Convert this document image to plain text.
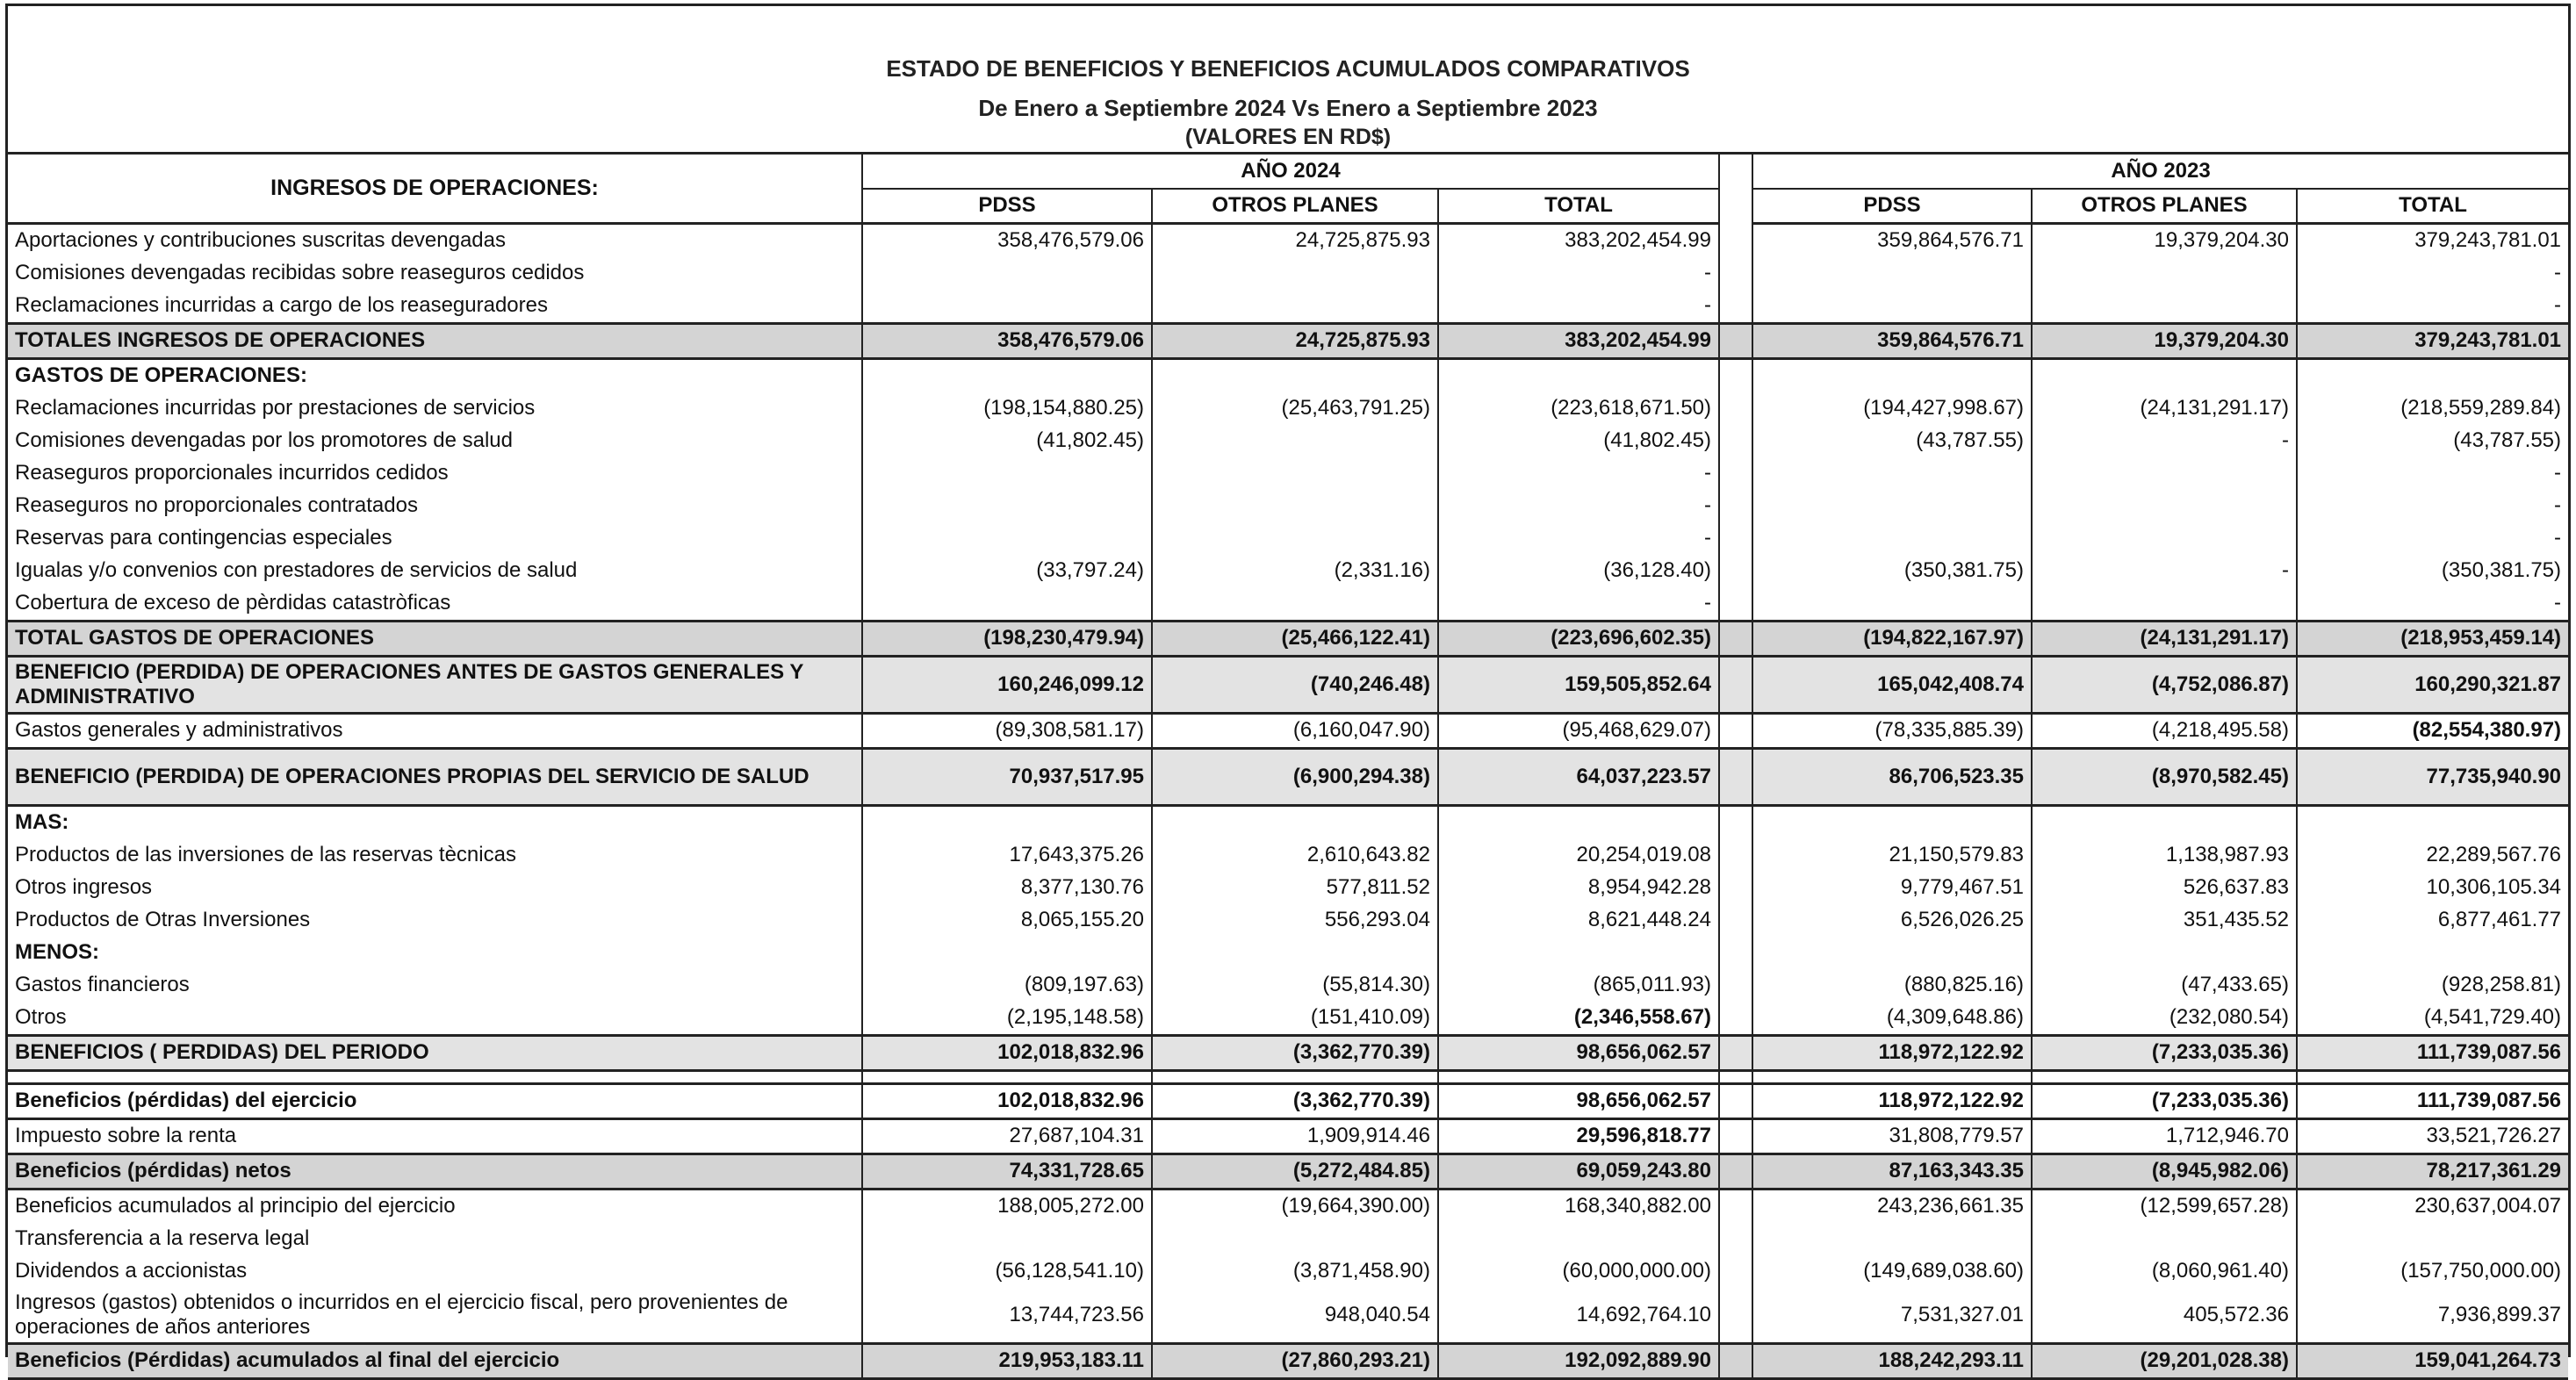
ESTADO DE BENEFICIOS Y BENEFICIOS ACUMULADOS COMPARATIVOS
De Enero a Septiembre 2024 Vs Enero a Septiembre 2023
(VALORES EN RD$)
INGRESOS DE OPERACIONES:	AÑO 2024				AÑO 2023		
	PDSS	OTROS PLANES	TOTAL		PDSS	OTROS PLANES	TOTAL
Aportaciones y contribuciones suscritas devengadas	358,476,579.06	24,725,875.93	383,202,454.99		359,864,576.71	19,379,204.30	379,243,781.01
Comisiones devengadas recibidas sobre reaseguros cedidos			-				-
Reclamaciones incurridas a cargo de los reaseguradores			-				-
TOTALES INGRESOS DE OPERACIONES	358,476,579.06	24,725,875.93	383,202,454.99		359,864,576.71	19,379,204.30	379,243,781.01
GASTOS DE OPERACIONES:							
Reclamaciones incurridas por prestaciones de servicios	(198,154,880.25)	(25,463,791.25)	(223,618,671.50)		(194,427,998.67)	(24,131,291.17)	(218,559,289.84)
Comisiones devengadas por los promotores de salud	(41,802.45)		(41,802.45)		(43,787.55)	-	(43,787.55)
Reaseguros proporcionales incurridos cedidos			-				-
Reaseguros no proporcionales contratados			-				-
Reservas para contingencias especiales			-				-
Igualas y/o convenios con prestadores de servicios de salud	(33,797.24)	(2,331.16)	(36,128.40)		(350,381.75)	-	(350,381.75)
Cobertura de exceso de pèrdidas catastròficas			-				-
TOTAL GASTOS DE OPERACIONES	(198,230,479.94)	(25,466,122.41)	(223,696,602.35)		(194,822,167.97)	(24,131,291.17)	(218,953,459.14)
BENEFICIO (PERDIDA) DE OPERACIONES ANTES DE GASTOS GENERALES Y ADMINISTRATIVO	160,246,099.12	(740,246.48)	159,505,852.64		165,042,408.74	(4,752,086.87)	160,290,321.87
Gastos generales y administrativos	(89,308,581.17)	(6,160,047.90)	(95,468,629.07)		(78,335,885.39)	(4,218,495.58)	(82,554,380.97)
BENEFICIO (PERDIDA) DE OPERACIONES PROPIAS DEL SERVICIO DE SALUD	70,937,517.95	(6,900,294.38)	64,037,223.57		86,706,523.35	(8,970,582.45)	77,735,940.90
MAS:							
Productos de las inversiones de las reservas tècnicas	17,643,375.26	2,610,643.82	20,254,019.08		21,150,579.83	1,138,987.93	22,289,567.76
Otros ingresos	8,377,130.76	577,811.52	8,954,942.28		9,779,467.51	526,637.83	10,306,105.34
Productos de Otras Inversiones	8,065,155.20	556,293.04	8,621,448.24		6,526,026.25	351,435.52	6,877,461.77
MENOS:							
Gastos financieros	(809,197.63)	(55,814.30)	(865,011.93)		(880,825.16)	(47,433.65)	(928,258.81)
Otros	(2,195,148.58)	(151,410.09)	(2,346,558.67)		(4,309,648.86)	(232,080.54)	(4,541,729.40)
BENEFICIOS ( PERDIDAS) DEL PERIODO	102,018,832.96	(3,362,770.39)	98,656,062.57		118,972,122.92	(7,233,035.36)	111,739,087.56

Beneficios (pérdidas) del ejercicio	102,018,832.96	(3,362,770.39)	98,656,062.57		118,972,122.92	(7,233,035.36)	111,739,087.56
Impuesto sobre la renta	27,687,104.31	1,909,914.46	29,596,818.77		31,808,779.57	1,712,946.70	33,521,726.27
Beneficios (pérdidas) netos	74,331,728.65	(5,272,484.85)	69,059,243.80		87,163,343.35	(8,945,982.06)	78,217,361.29
Beneficios acumulados al principio del ejercicio	188,005,272.00	(19,664,390.00)	168,340,882.00		243,236,661.35	(12,599,657.28)	230,637,004.07
Transferencia a la reserva legal							
Dividendos a accionistas	(56,128,541.10)	(3,871,458.90)	(60,000,000.00)		(149,689,038.60)	(8,060,961.40)	(157,750,000.00)
Ingresos (gastos) obtenidos o incurridos en el ejercicio fiscal, pero provenientes de operaciones de años anteriores	13,744,723.56	948,040.54	14,692,764.10		7,531,327.01	405,572.36	7,936,899.37
Beneficios (Pérdidas) acumulados al final del ejercicio	219,953,183.11	(27,860,293.21)	192,092,889.90		188,242,293.11	(29,201,028.38)	159,041,264.73
